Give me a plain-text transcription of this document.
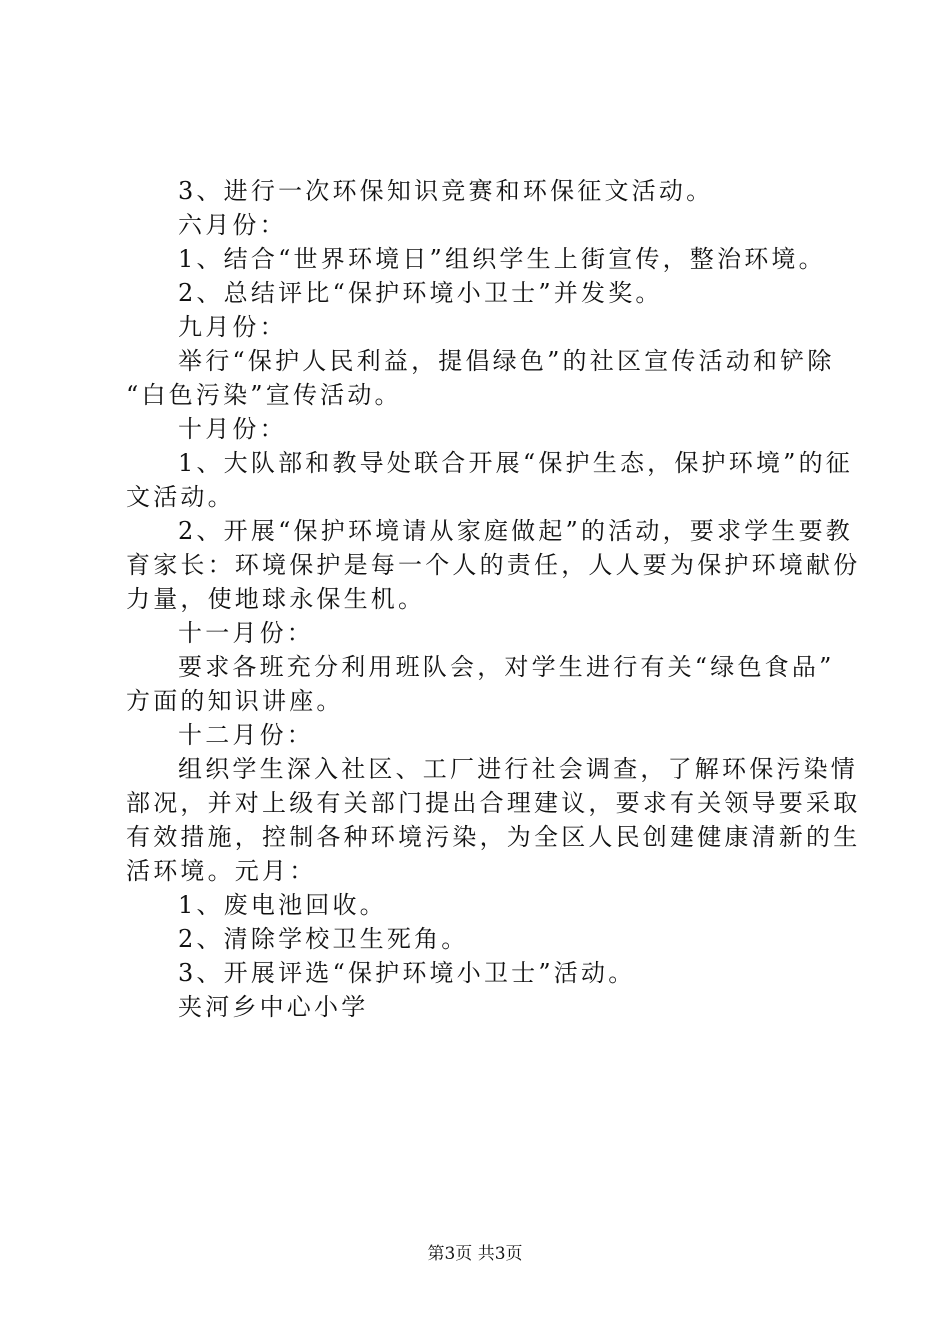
3、进行一次环保知识竞赛和环保征文活动。
六月份：
1、结合“世界环境日”组织学生上街宣传，整治环境。
2、总结评比“保护环境小卫士”并发奖。
九月份：
举行“保护人民利益，提倡绿色”的社区宣传活动和铲除
“白色污染”宣传活动。
十月份：
1、大队部和教导处联合开展“保护生态，保护环境”的征
文活动。
2、开展“保护环境请从家庭做起”的活动，要求学生要教
育家长：环境保护是每一个人的责任，人人要为保护环境献份
力量，使地球永保生机。
十一月份：
要求各班充分利用班队会，对学生进行有关“绿色食品”
方面的知识讲座。
十二月份：
组织学生深入社区、工厂进行社会调查，了解环保污染情
部况，并对上级有关部门提出合理建议，要求有关领导要采取
有效措施，控制各种环境污染，为全区人民创建健康清新的生
活环境。元月：
1、废电池回收。
2、清除学校卫生死角。
3、开展评选“保护环境小卫士”活动。
夹河乡中心小学
第3页 共3页
